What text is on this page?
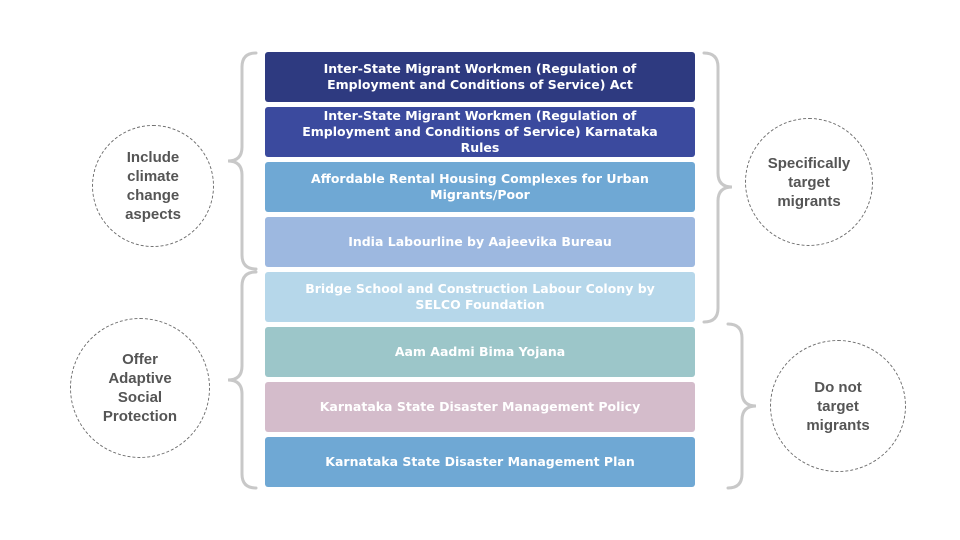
Inter-State Migrant Workmen (Regulation of Employment and Conditions of Service) Act
Inter-State Migrant Workmen (Regulation of Employment and Conditions of Service) Karnataka Rules
Affordable Rental Housing Complexes for Urban Migrants/Poor
India Labourline by Aajeevika Bureau
Bridge School and Construction Labour Colony by SELCO Foundation
Aam Aadmi Bima Yojana
Karnataka State Disaster Management Policy
Karnataka State Disaster Management Plan
Include
climate
change
aspects
Offer
Adaptive
Social
Protection
Specifically
target
migrants
Do not
target
migrants
